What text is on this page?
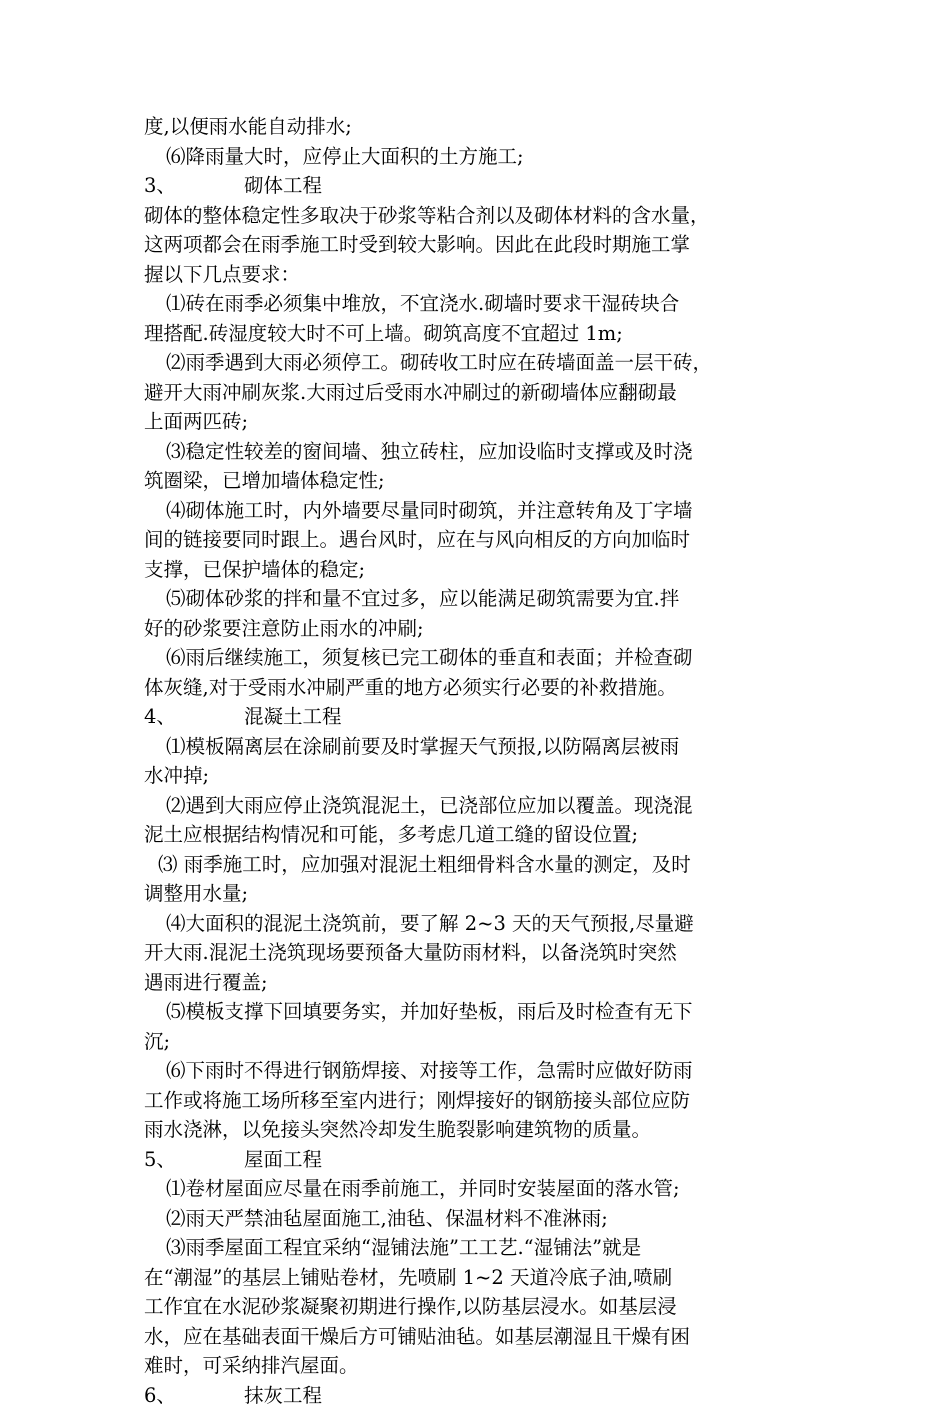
度,以便雨水能自动排水;
⑹降雨量大时，应停止大面积的土方施工;
3、	砌体工程
砌体的整体稳定性多取决于砂浆等粘合剂以及砌体材料的含水量，
这两项都会在雨季施工时受到较大影响。因此在此段时期施工掌
握以下几点要求：
⑴砖在雨季必须集中堆放，不宜浇水.砌墙时要求干湿砖块合
理搭配.砖湿度较大时不可上墙。砌筑高度不宜超过 1m;
⑵雨季遇到大雨必须停工。砌砖收工时应在砖墙面盖一层干砖，
避开大雨冲刷灰浆.大雨过后受雨水冲刷过的新砌墙体应翻砌最
上面两匹砖;
⑶稳定性较差的窗间墙、独立砖柱，应加设临时支撑或及时浇
筑圈梁，已增加墙体稳定性;
⑷砌体施工时，内外墙要尽量同时砌筑，并注意转角及丁字墙
间的链接要同时跟上。遇台风时，应在与风向相反的方向加临时
支撑，已保护墙体的稳定;
⑸砌体砂浆的拌和量不宜过多，应以能满足砌筑需要为宜.拌
好的砂浆要注意防止雨水的冲刷;
⑹雨后继续施工，须复核已完工砌体的垂直和表面；并检查砌
体灰缝,对于受雨水冲刷严重的地方必须实行必要的补救措施。
4、	混凝土工程
⑴模板隔离层在涂刷前要及时掌握天气预报,以防隔离层被雨
水冲掉;
⑵遇到大雨应停止浇筑混泥土，已浇部位应加以覆盖。现浇混
泥土应根据结构情况和可能，多考虑几道工缝的留设位置;
⑶ 雨季施工时，应加强对混泥土粗细骨料含水量的测定，及时
调整用水量;
⑷大面积的混泥土浇筑前，要了解 2~3 天的天气预报,尽量避
开大雨.混泥土浇筑现场要预备大量防雨材料，以备浇筑时突然
遇雨进行覆盖;
⑸模板支撑下回填要务实，并加好垫板，雨后及时检查有无下
沉;
⑹下雨时不得进行钢筋焊接、对接等工作，急需时应做好防雨
工作或将施工场所移至室内进行；刚焊接好的钢筋接头部位应防
雨水浇淋，以免接头突然冷却发生脆裂影响建筑物的质量。
5、	屋面工程
⑴卷材屋面应尽量在雨季前施工，并同时安装屋面的落水管;
⑵雨天严禁油毡屋面施工,油毡、保温材料不准淋雨;
⑶雨季屋面工程宜采纳“湿铺法施”工工艺.“湿铺法”就是
在“潮湿”的基层上铺贴卷材，先喷刷 1~2 天道冷底子油,喷刷
工作宜在水泥砂浆凝聚初期进行操作,以防基层浸水。如基层浸
水，应在基础表面干燥后方可铺贴油毡。如基层潮湿且干燥有困
难时，可采纳排汽屋面。
6、	抹灰工程
